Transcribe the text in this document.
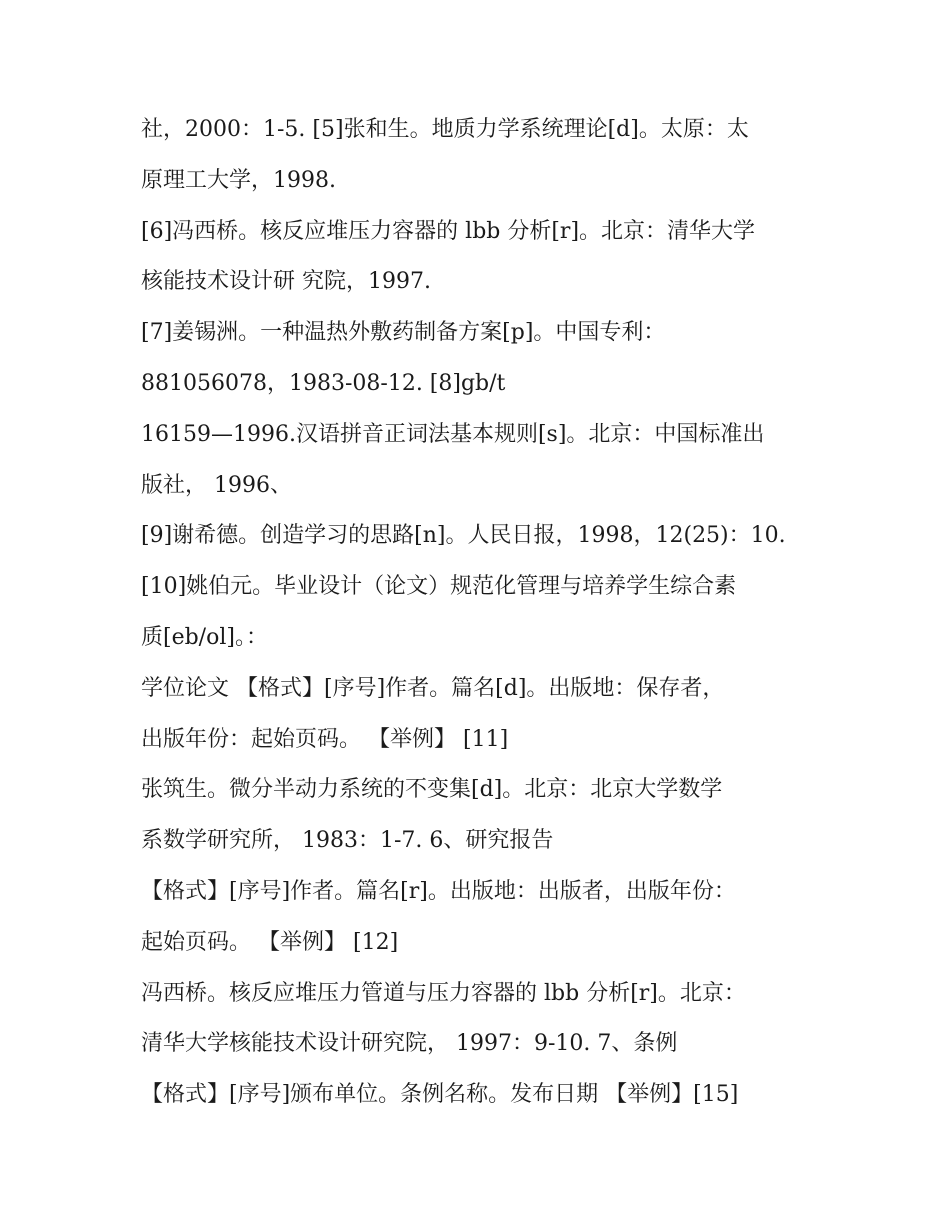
社，2000：1-5. [5]张和生。地质力学系统理论[d]。太原：太
原理工大学，1998.
[6]冯西桥。核反应堆压力容器的 lbb 分析[r]。北京：清华大学
核能技术设计研 究院，1997.
[7]姜锡洲。一种温热外敷药制备方案[p]。中国专利：
881056078，1983-08-12. [8]gb/t
16159—1996.汉语拼音正词法基本规则[s]。北京：中国标准出
版社， 1996、
[9]谢希德。创造学习的思路[n]。人民日报，1998，12(25)：10.
[10]姚伯元。毕业设计（论文）规范化管理与培养学生综合素
质[eb/ol]。：
学位论文 【格式】[序号]作者。篇名[d]。出版地：保存者，
出版年份：起始页码。 【举例】 [11]
张筑生。微分半动力系统的不变集[d]。北京：北京大学数学
系数学研究所， 1983：1-7. 6、研究报告
【格式】[序号]作者。篇名[r]。出版地：出版者，出版年份：
起始页码。 【举例】 [12]
冯西桥。核反应堆压力管道与压力容器的 lbb 分析[r]。北京：
清华大学核能技术设计研究院， 1997：9-10. 7、条例
【格式】[序号]颁布单位。条例名称。发布日期 【举例】[15]
